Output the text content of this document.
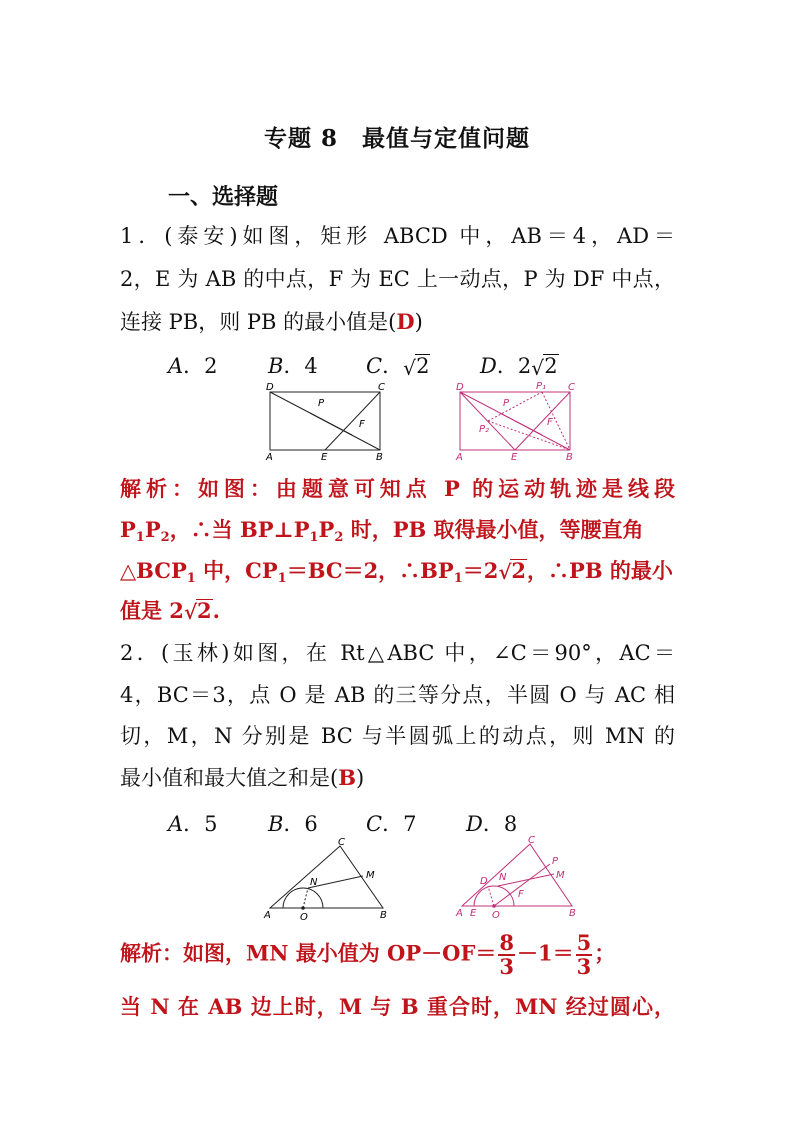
专题 8　最值与定值问题
一、选择题
1．(泰安)如图，矩形 ABCD 中，AB＝4，AD＝
2，E 为 AB 的中点，F 为 EC 上一动点，P 为 DF 中点，
连接 PB，则 PB 的最小值是(D)
A．2 B．4 C． √ 2 D．2 √ 2
D	C
A	E	B
P
F
D	C
A	E	B
P
F
P₁
P₂
解析：如图：由题意可知点 P 的运动轨迹是线段
$P_1P_2$，∴当 $BP\perp P_1P_2$ 时，PB 取得最小值，等腰直角
$\triangle BCP_1$ 中，$CP_1=BC=2$，$\therefore BP_1=2$ √ 2，∴PB 的最小
值是 2 √ 2.
2．(玉林)如图，在 Rt△ABC 中，∠C＝90°，AC＝
4，BC＝3，点 O 是 AB 的三等分点，半圆 O 与 AC 相
切，M，N 分别是 BC 与半圆弧上的动点，则 MN 的
最小值和最大值之和是(B)
A．5 B．6 C．7 D．8
A	B
C
O
N
M
A E O	B
C
D N
F
P
M
解析：如图，MN 最小值为 $OP-OF= \frac{8}{3} -1= \frac{5}{3}$ ；
当 N 在 AB 边上时，M 与 B 重合时，MN 经过圆心，
